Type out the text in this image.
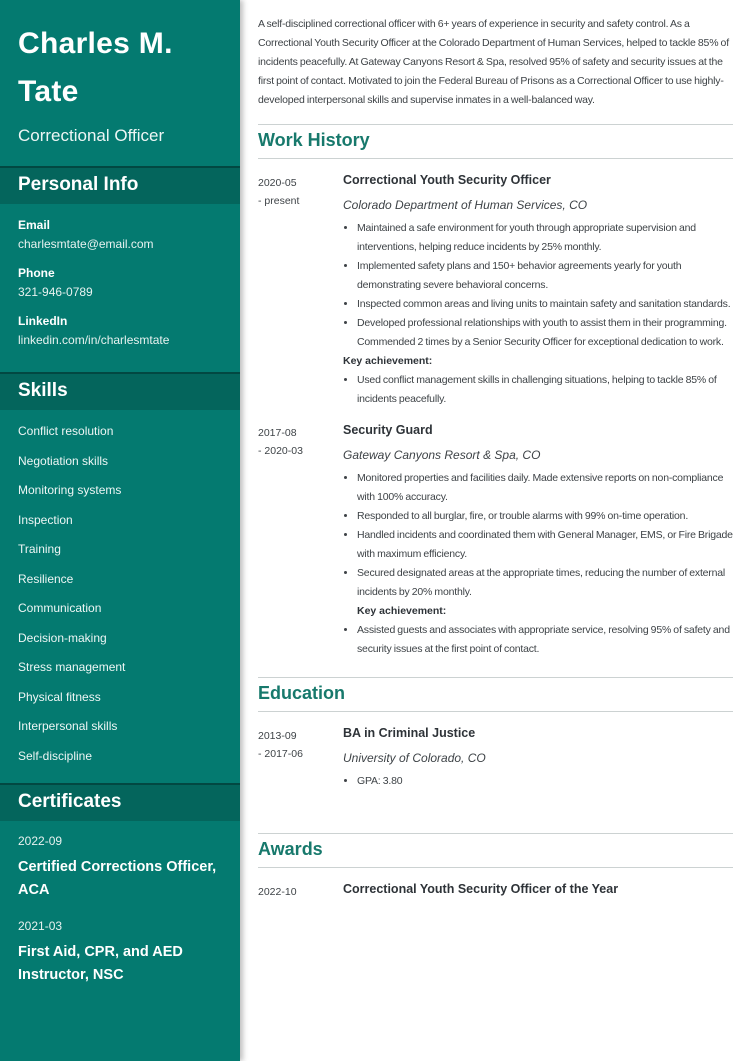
Charles M. Tate
Correctional Officer
Personal Info
Email
charlesmtate@email.com
Phone
321-946-0789
LinkedIn
linkedin.com/in/charlesmtate
Skills
Conflict resolution
Negotiation skills
Monitoring systems
Inspection
Training
Resilience
Communication
Decision-making
Stress management
Physical fitness
Interpersonal skills
Self-discipline
Certificates
2022-09
Certified Corrections Officer, ACA
2021-03
First Aid, CPR, and AED Instructor, NSC

A self-disciplined correctional officer with 6+ years of experience in security and safety control. As a Correctional Youth Security Officer at the Colorado Department of Human Services, helped to tackle 85% of incidents peacefully. At Gateway Canyons Resort & Spa, resolved 95% of safety and security issues at the first point of contact. Motivated to join the Federal Bureau of Prisons as a Correctional Officer to use highly-developed interpersonal skills and supervise inmates in a well-balanced way.

Work History
2020-05
- present
Correctional Youth Security Officer
Colorado Department of Human Services, CO
• Maintained a safe environment for youth through appropriate supervision and interventions, helping reduce incidents by 25% monthly.
• Implemented safety plans and 150+ behavior agreements yearly for youth demonstrating severe behavioral concerns.
• Inspected common areas and living units to maintain safety and sanitation standards.
• Developed professional relationships with youth to assist them in their programming. Commended 2 times by a Senior Security Officer for exceptional dedication to work.
Key achievement:
• Used conflict management skills in challenging situations, helping to tackle 85% of incidents peacefully.
2017-08
- 2020-03
Security Guard
Gateway Canyons Resort & Spa, CO
• Monitored properties and facilities daily. Made extensive reports on non-compliance with 100% accuracy.
• Responded to all burglar, fire, or trouble alarms with 99% on-time operation.
• Handled incidents and coordinated them with General Manager, EMS, or Fire Brigade with maximum efficiency.
• Secured designated areas at the appropriate times, reducing the number of external incidents by 20% monthly.
Key achievement:
• Assisted guests and associates with appropriate service, resolving 95% of safety and security issues at the first point of contact.
Education
2013-09
- 2017-06
BA in Criminal Justice
University of Colorado, CO
• GPA: 3.80
Awards
2022-10	Correctional Youth Security Officer of the Year
